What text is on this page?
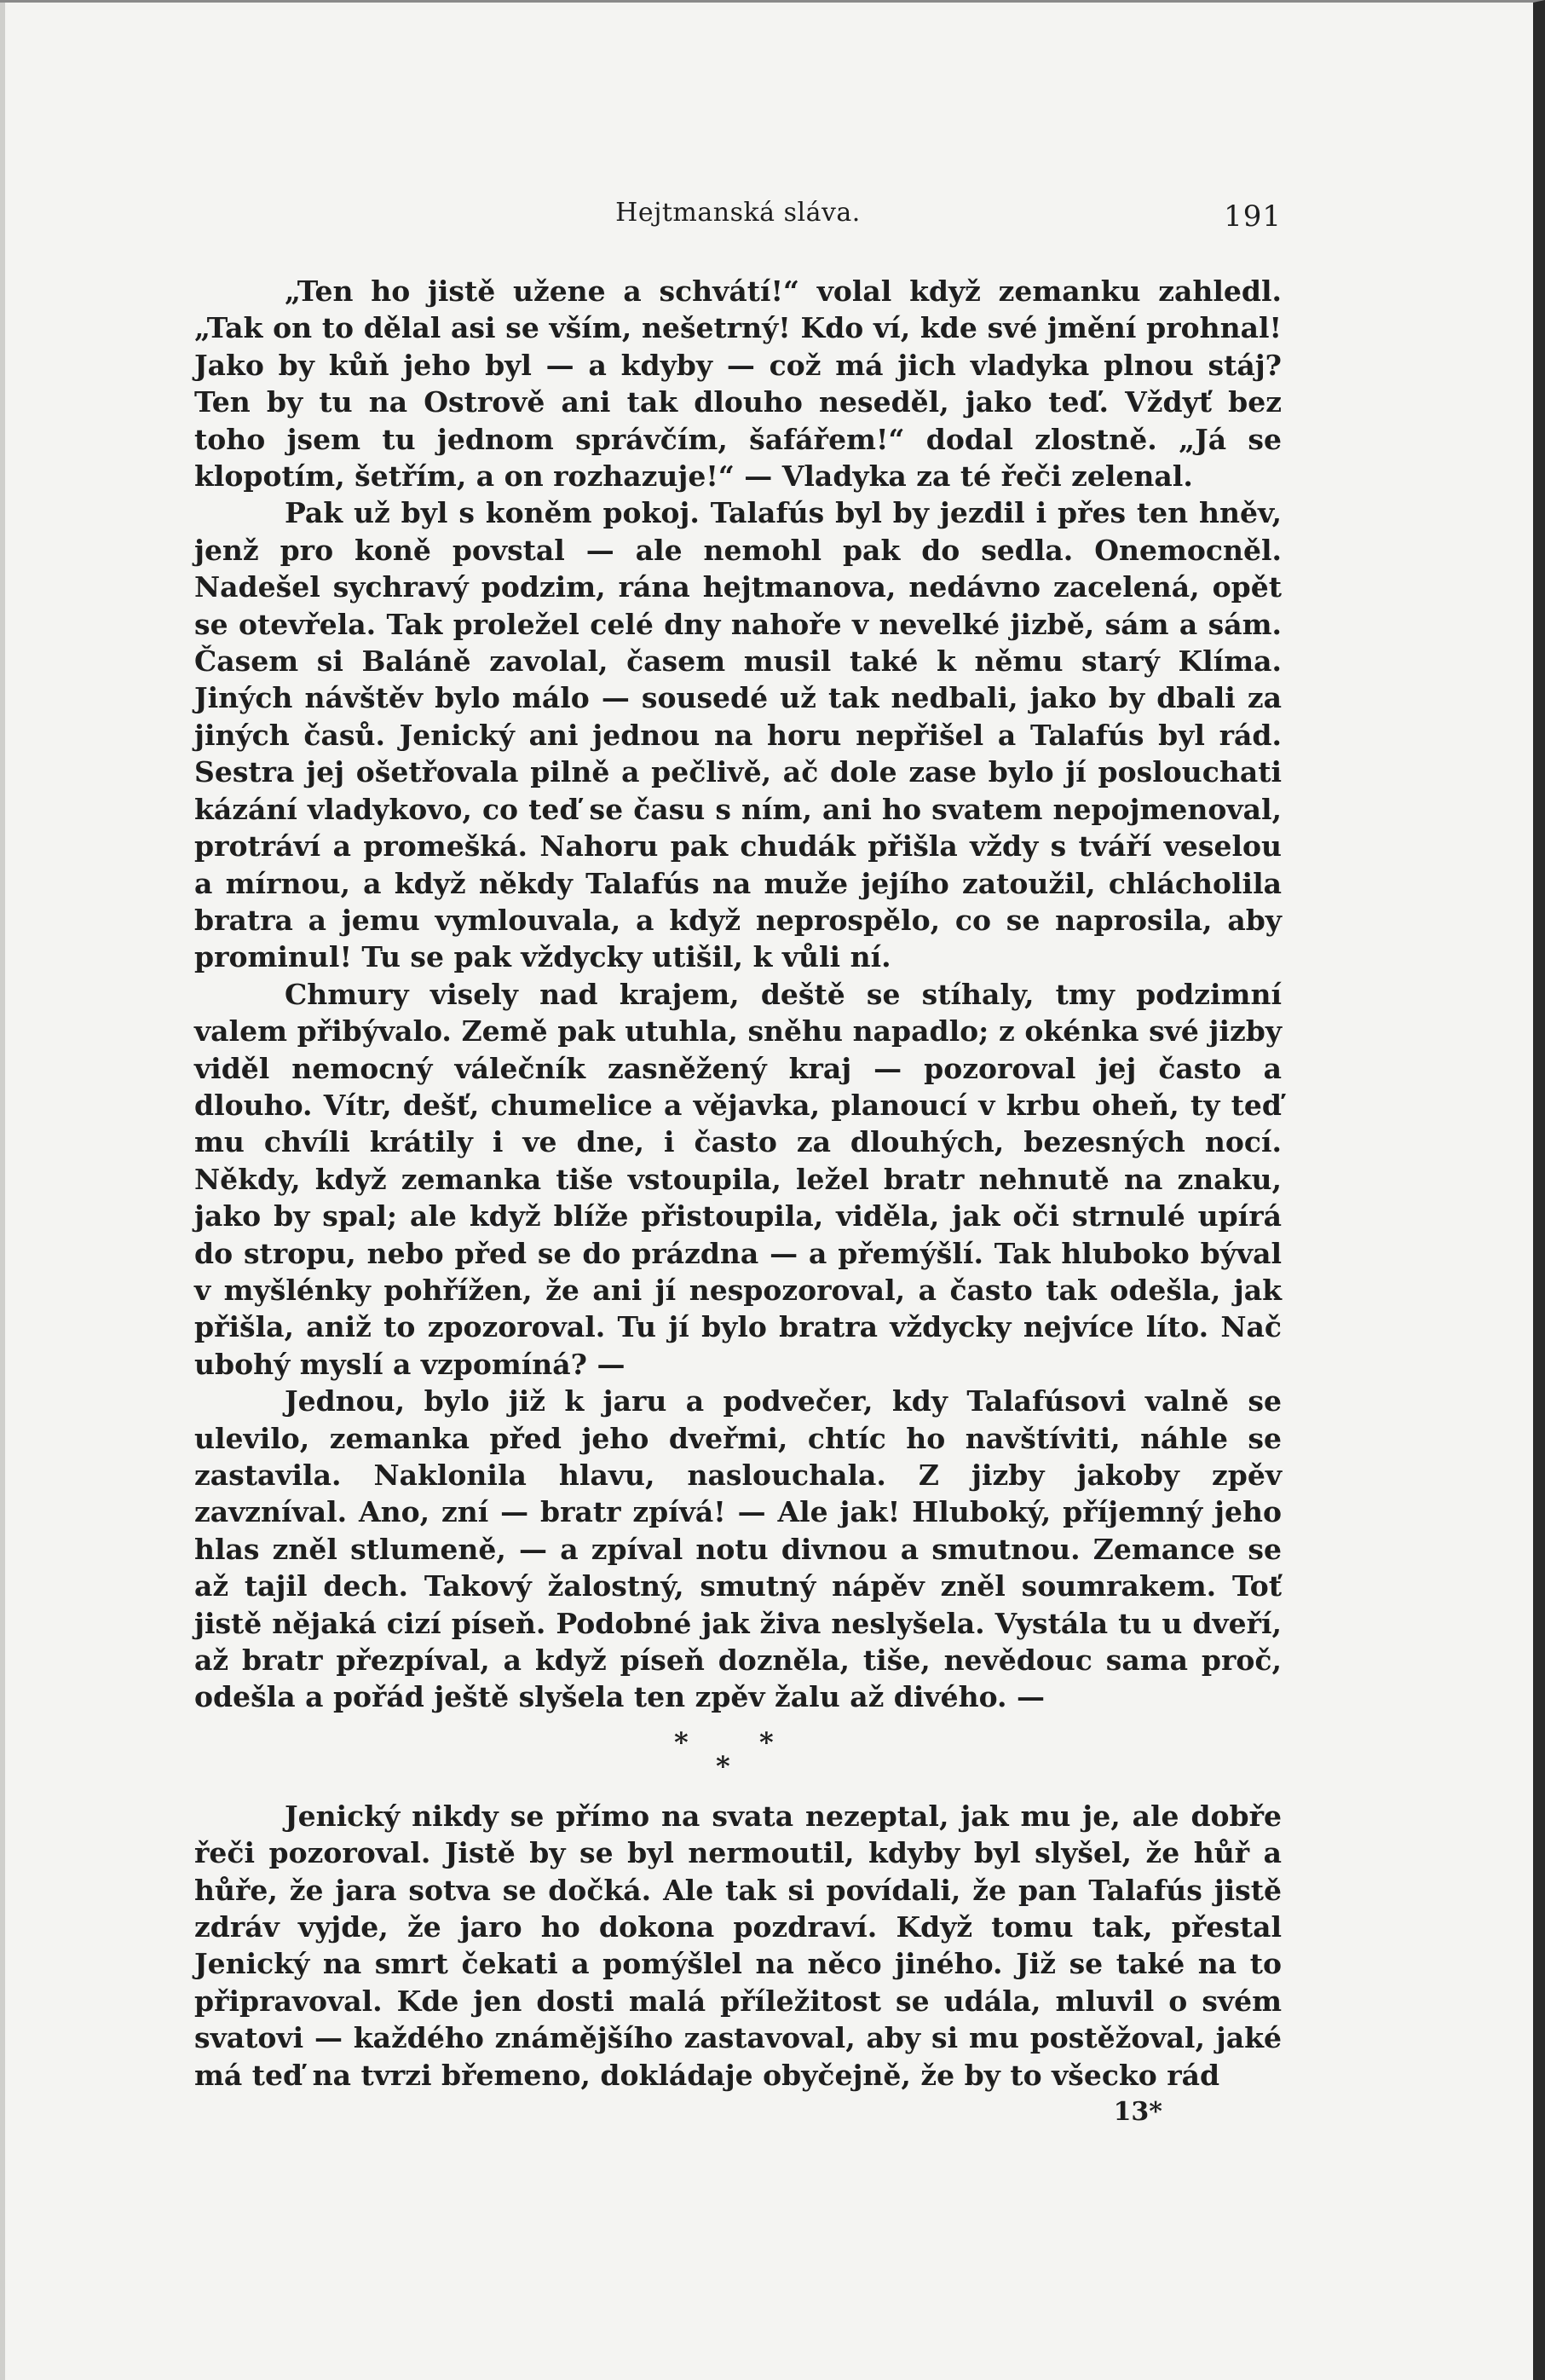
Hejtmanská sláva.	191

„Ten ho jistě užene a schvátí!“ volal když zemanku zahledl. „Tak on to dělal asi se vším, nešetrný! Kdo ví, kde své jmění prohnal! Jako by kůň jeho byl — a kdyby — což má jich vladyka plnou stáj? Ten by tu na Ostrově ani tak dlouho neseděl, jako teď. Vždyť bez toho jsem tu jednom správčím, šafářem!“ dodal zlostně. „Já se klopotím, šetřím, a on rozhazuje!“ — Vladyka za té řeči zelenal.

Pak už byl s koněm pokoj. Talafús byl by jezdil i přes ten hněv, jenž pro koně povstal — ale nemohl pak do sedla. Onemocněl. Nadešel sychravý podzim, rána hejtmanova, nedávno zacelená, opět se otevřela. Tak proležel celé dny nahoře v nevelké jizbě, sám a sám. Časem si Baláně zavolal, časem musil také k němu starý Klíma. Jiných návštěv bylo málo — sousedé už tak nedbali, jako by dbali za jiných časů. Jenický ani jednou na horu nepřišel a Talafús byl rád. Sestra jej ošetřovala pilně a pečlivě, ač dole zase bylo jí poslouchati kázání vladykovo, co teď se času s ním, ani ho svatem nepojmenoval, protráví a promešká. Nahoru pak chudák přišla vždy s tváří veselou a mírnou, a když někdy Talafús na muže jejího zatoužil, chlácholila bratra a jemu vymlouvala, a když neprospělo, co se naprosila, aby prominul! Tu se pak vždycky utišil, k vůli ní.

Chmury visely nad krajem, deště se stíhaly, tmy podzimní valem přibývalo. Země pak utuhla, sněhu napadlo; z okénka své jizby viděl nemocný válečník zasněžený kraj — pozoroval jej často a dlouho. Vítr, dešť, chumelice a vějavka, planoucí v krbu oheň, ty teď mu chvíli krátily i ve dne, i často za dlouhých, bezesných nocí. Někdy, když zemanka tiše vstoupila, ležel bratr nehnutě na znaku, jako by spal; ale když blíže přistoupila, viděla, jak oči strnulé upírá do stropu, nebo před se do prázdna — a přemýšlí. Tak hluboko býval v myšlénky pohřížen, že ani jí nespozoroval, a často tak odešla, jak přišla, aniž to zpozoroval. Tu jí bylo bratra vždycky nejvíce líto. Nač ubohý myslí a vzpomíná? —

Jednou, bylo již k jaru a podvečer, kdy Talafúsovi valně se ulevilo, zemanka před jeho dveřmi, chtíc ho navštíviti, náhle se zastavila. Naklonila hlavu, naslouchala. Z jizby jakoby zpěv zavzníval. Ano, zní — bratr zpívá! — Ale jak! Hluboký, příjemný jeho hlas zněl stlumeně, — a zpíval notu divnou a smutnou. Zemance se až tajil dech. Takový žalostný, smutný nápěv zněl soumrakem. Toť jistě nějaká cizí píseň. Podobné jak živa neslyšela. Vystála tu u dveří, až bratr přezpíval, a když píseň dozněla, tiše, nevědouc sama proč, odešla a pořád ještě slyšela ten zpěv žalu až divého. —

*	*
*

Jenický nikdy se přímo na svata nezeptal, jak mu je, ale dobře řeči pozoroval. Jistě by se byl nermoutil, kdyby byl slyšel, že hůř a hůře, že jara sotva se dočká. Ale tak si povídali, že pan Talafús jistě zdráv vyjde, že jaro ho dokona pozdraví. Když tomu tak, přestal Jenický na smrt čekati a pomýšlel na něco jiného. Již se také na to připravoval. Kde jen dosti malá příležitost se udála, mluvil o svém svatovi — každého známějšího zastavoval, aby si mu postěžoval, jaké má teď na tvrzi břemeno, dokládaje obyčejně, že by to všecko rád

13*
